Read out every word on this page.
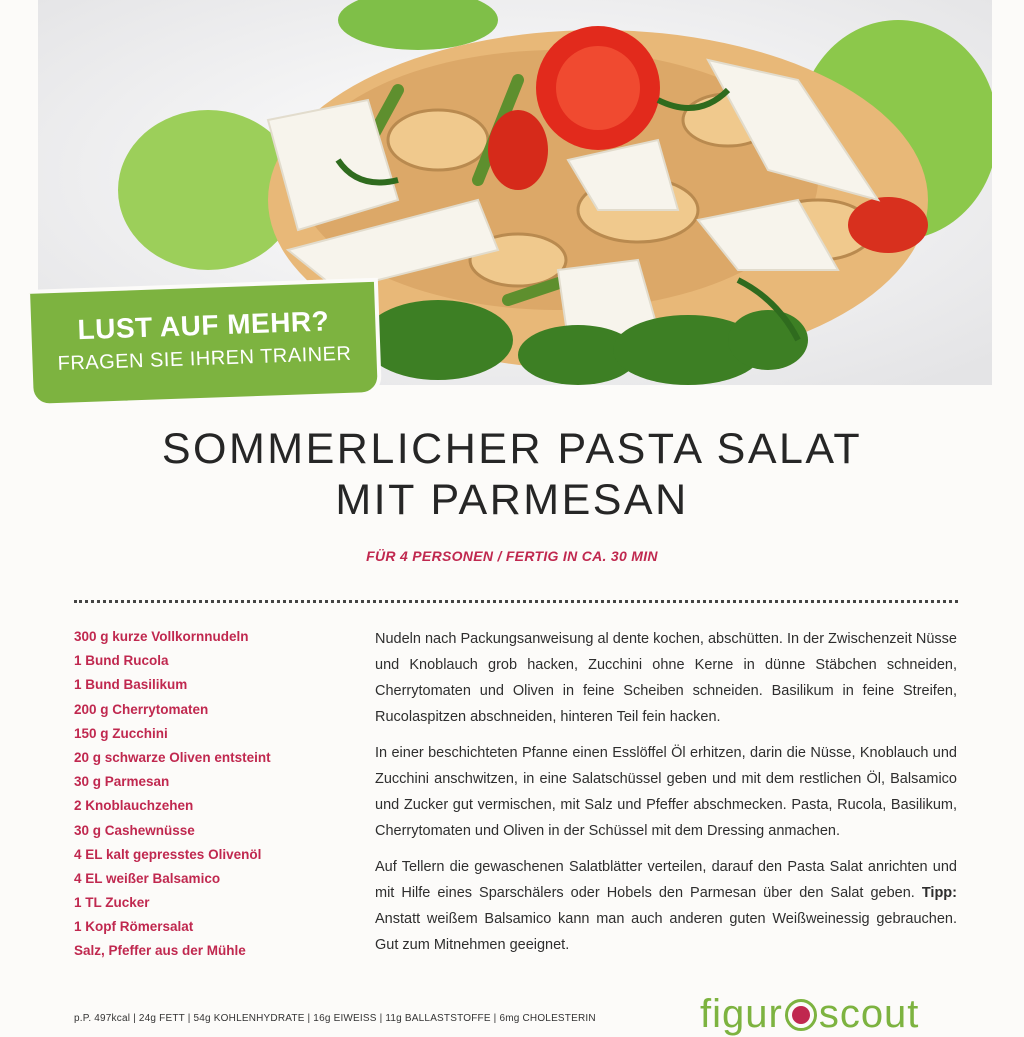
LUST AUF MEHR?
FRAGEN SIE IHREN TRAINER
SOMMERLICHER PASTA SALAT
MIT PARMESAN
FÜR 4 PERSONEN / FERTIG IN CA. 30 MIN
300 g kurze Vollkornnudeln
1 Bund Rucola
1 Bund Basilikum
200 g Cherrytomaten
150 g Zucchini
20 g schwarze Oliven entsteint
30 g Parmesan
2 Knoblauchzehen
30 g Cashewnüsse
4 EL kalt gepresstes Olivenöl
4 EL weißer Balsamico
1 TL Zucker
1 Kopf Römersalat
Salz, Pfeffer aus der Mühle

Nudeln nach Packungsanweisung al dente kochen, abschütten. In der Zwischenzeit Nüsse und Knoblauch grob hacken, Zucchini ohne Kerne in dünne Stäbchen schneiden, Cherrytomaten und Oliven in feine Scheiben schneiden. Basilikum in feine Streifen, Rucolaspitzen abschneiden, hinteren Teil fein hacken.

In einer beschichteten Pfanne einen Esslöffel Öl erhitzen, darin die Nüsse, Knoblauch und Zucchini anschwitzen, in eine Salatschüssel geben und mit dem restlichen Öl, Balsamico und Zucker gut vermischen, mit Salz und Pfeffer abschmecken. Pasta, Rucola, Basilikum, Cherrytomaten und Oliven in der Schüssel mit dem Dressing anmachen.

Auf Tellern die gewaschenen Salatblätter verteilen, darauf den Pasta Salat anrichten und mit Hilfe eines Sparschälers oder Hobels den Parmesan über den Salat geben. Tipp: Anstatt weißem Balsamico kann man auch anderen guten Weißweinessig gebrauchen. Gut zum Mitnehmen geeignet.

p.P. 497kcal | 24g FETT | 54g KOHLENHYDRATE | 16g EIWEISS | 11g BALLASTSTOFFE | 6mg CHOLESTERIN	figur scout
